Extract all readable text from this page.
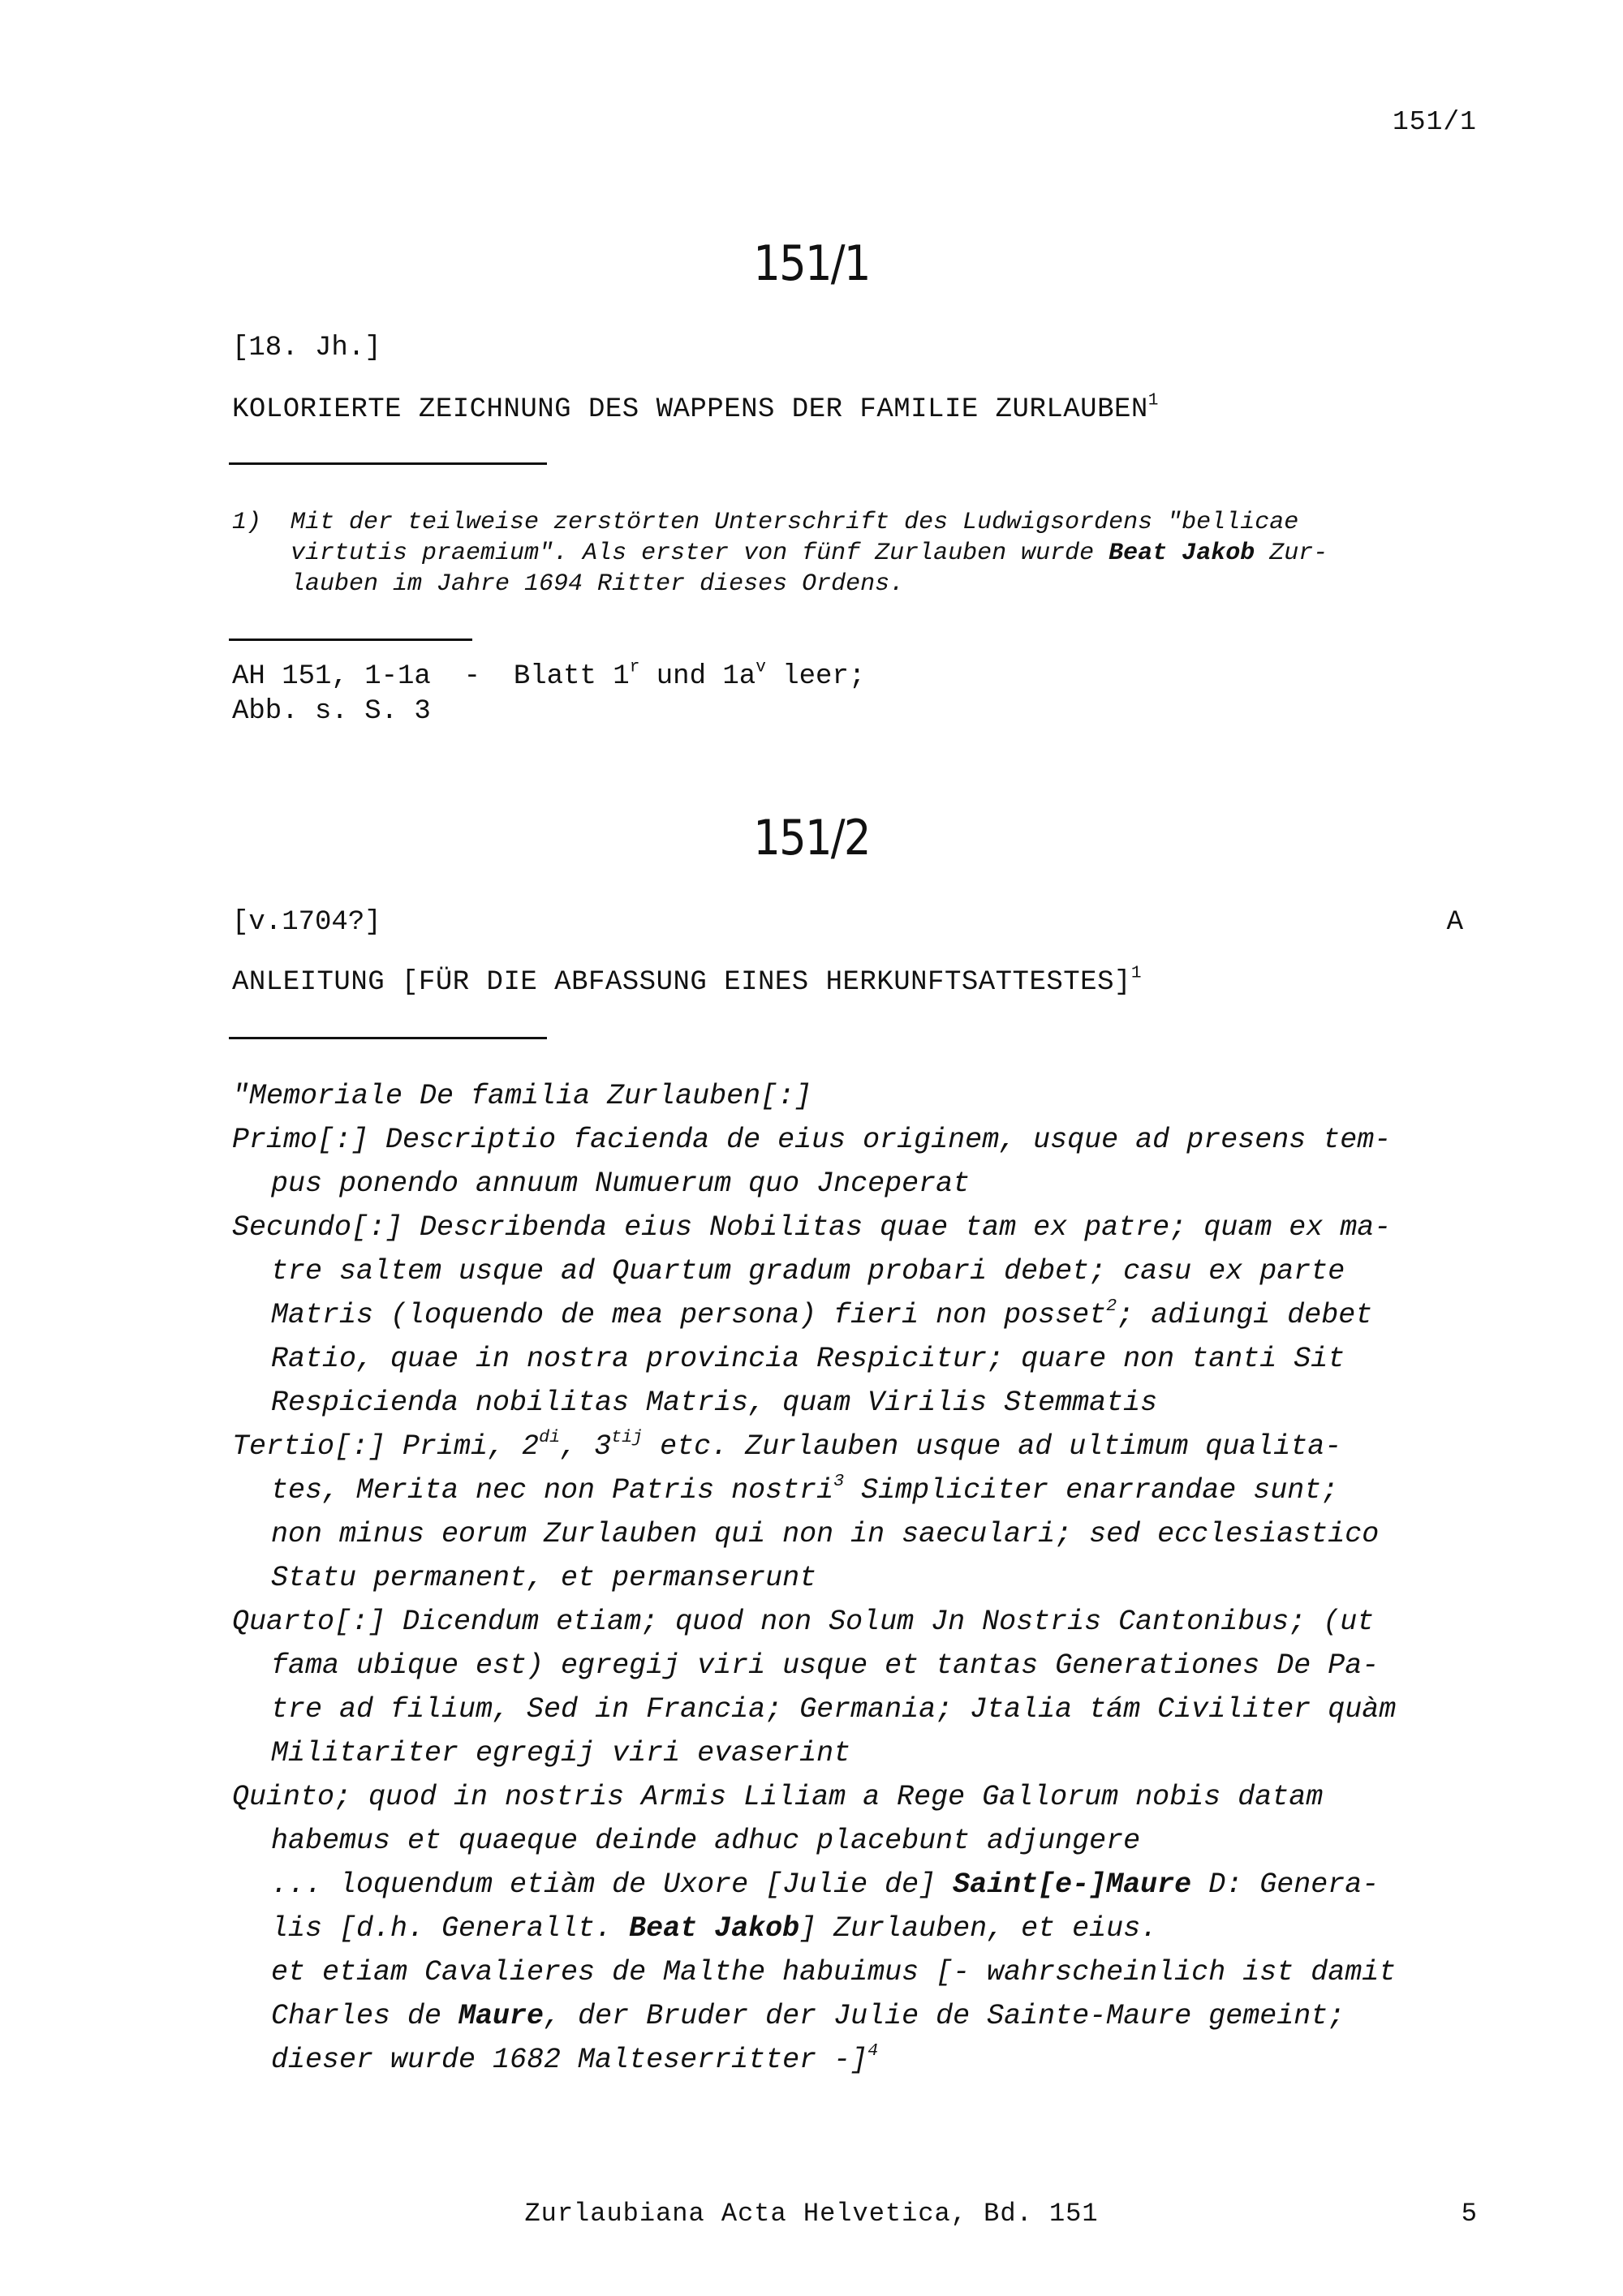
151/1
151/1
[18. Jh.]
KOLORIERTE ZEICHNUNG DES WAPPENS DER FAMILIE ZURLAUBEN$^1$
1) Mit der teilweise zerstörten Unterschrift des Ludwigsordens "bellicae
virtutis praemium". Als erster von fünf Zurlauben wurde Beat Jakob Zur-
lauben im Jahre 1694 Ritter dieses Ordens.
AH 151, 1-1a - Blatt 1$^r$ und $1a^v$ leer;
Abb. s. S. 3
151/2
[v.1704?]	A
ANLEITUNG [FÜR DIE ABFASSUNG EINES HERKUNFTSATTESTES]$^1$

"Memoriale De familia Zurlauben[:]

Primo[:] Descriptio facienda de eius originem, usque ad presens tem-
pus ponendo annuum Numuerum quo Jnceperat

Secundo[:] Describenda eius Nobilitas quae tam ex patre; quam ex ma-
tre saltem usque ad Quartum gradum probari debet; casu ex parte
Matris (loquendo de mea persona) fieri non posset$^2$; adiungi debet
Ratio, quae in nostra provincia Respicitur; quare non tanti Sit
Respicienda nobilitas Matris, quam Virilis Stemmatis

Tertio[:] Primi, $2^{di}$, $3^{tij}$ etc. Zurlauben usque ad ultimum qualita-
tes, Merita nec non Patris nostri$^3$ Simpliciter enarrandae sunt;
non minus eorum Zurlauben qui non in saeculari; sed ecclesiastico
Statu permanent, et permanserunt

Quarto[:] Dicendum etiam; quod non Solum Jn Nostris Cantonibus; (ut
fama ubique est) egregij viri usque et tantas Generationes De Pa-
tre ad filium, Sed in Francia; Germania; Jtalia tám Civiliter quàm
Militariter egregij viri evaserint

Quinto; quod in nostris Armis Liliam a Rege Gallorum nobis datam
habemus et quaeque deinde adhuc placebunt adjungere

... loquendum etiàm de Uxore [Julie de] Saint[e-]Maure D: Genera-
lis [d.h. Generallt. Beat Jakob] Zurlauben, et eius.
et etiam Cavalieres de Malthe habuimus [- wahrscheinlich ist damit
Charles de Maure, der Bruder der Julie de Sainte-Maure gemeint;
dieser wurde 1682 Malteserritter -]$^4$

Zurlaubiana Acta Helvetica, Bd. 151	5
